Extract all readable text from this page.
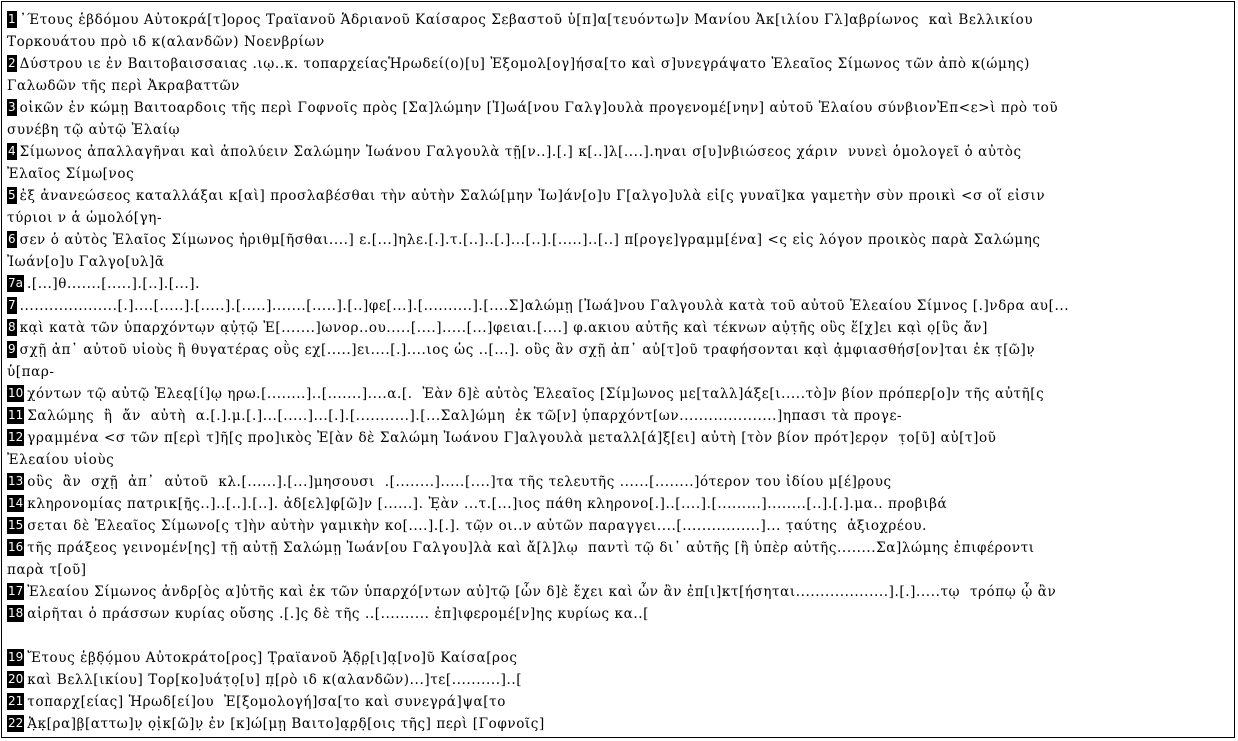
1 ᾽Έτους ἑβδόμου Αὐτοκρά[τ]ορος Τραϊανοῦ Ἁδριανοῦ Καίσαρος Σεβαστοῦ ὑ[π]α[τευόντω]ν Μανίου Ἀκ[ιλίου Γλ]αβρίωνος  καὶ Βελλικίου
Τορκουάτου πρὸ ιδ κ(αλανδῶν) Νοενβρίων
2 Δύστρου ιε ἐν Βαιτοβαισσαιας .ιῳ..κ. τοπαρχείαςἩρωδεί(ο)[υ] Ἐξομολ[ογ]ήσα[το καὶ σ]υνεγράψατο Ἐλεαῖος Σίμωνος τῶν ἀπὸ κ(ώμης)
Γαλωδῶν τῆς περὶ Ἀκραβαττῶν
3 οἰκῶν ἐν κώμῃ Βαιτοαρδοις τῆς περὶ Γοφνοῖς πρὸς [Σα]λώμην [Ἰ]ωά[νου Γαλγ]ουλὰ προγενομέ[νην] αὐτοῦ Ἐλαίου σύνβιονἘπ<ε>ὶ πρὸ τοῦ
συνέβη τῷ αὐτῷ Ἐλαίῳ
4 Σίμωνος ἀπαλλαγῆναι καὶ ἀπολύειν Σαλώμην Ἰωάνου Γαλγουλὰ τῇ[ν..].[.] κ[..]λ[....].ηναι σ[υ]νβιώσεος χάριν  νυνεὶ ὁμολογεῖ ὁ αὐτὸς
Ἐλαῖος Σίμω[νος
5 ἐξ ἀνανεώσεος καταλλάξαι κ[αὶ] προσλαβέσθαι τὴν αὐτὴν Σαλώ[μην Ἰω]άν[ο]υ Γ[αλγο]υλὰ εἰ[ς γυναῖ]κα γαμετὴν σὺν προικὶ <σ οἵ εἰσιν
τύριοι ν ἁ ὡμολό[γη-
6 σεν ὁ αὐτὸς Ἐλαῖος Σίμωνος ἠριθμ[ῆσθαι....] ε.[...]ηλε.[.].τ.[..]..[.]...[..].[.....]..[..] π[ρογε]γραμμ[ένα] <ς εἰς λόγον προικὸς παρὰ Σαλώμης
Ἰωάν[ο]υ Γαλγο[υλ]ᾶ
7a .[...]θ.......[.....].[..].[...].
7 ....................[.]....[.....].[.....].[.....].......[.....].[..]φε[...].[..........].[....Σ]αλώμῃ [Ἰωά]νου Γαλγουλὰ κατὰ τοῦ αὐτοῦ Ἐλεαίου Σίμνος [.]νδρα αυ[...
8 κα̣ὶ κατὰ τῶν ὑπαρχόντω̣ν α̣ὐ̣τ̣ῷ Ἐ[.......]ωνορ..ου.....[....].....[...]φειαι.[....] φ.ακιου αὐτῆς καὶ τέκνων αὐ̣τ̣ῆς οὓς ἕ[χ]ει κα̣ὶ ο̣[ὓς ἄν]
9 σχῇ ἀπ᾽ αὐτοῦ υἱοὺς ἢ θυγατέρας οῢς εχ[.....]ει....[.]....ιος ὡς ..[...]. οὓς ἂν σχῇ ἀπ᾽ αὐ[τ]οῦ τραφήσονται κα̣ὶ ἀ̣μφιασθήσ[ον]ται ἐκ τ̣[ῶ]ν̣
ὑ[παρ-
10 χόντων τῷ αὐτῷ Ἐλεα̣[ί]ῳ ηρω.[........]..[.......]....α.[.  Ἐὰν δ]ὲ αὐτὸς Ἐλεαῖος [Σίμ]ωνος με[ταλλ]άξε[ι.....τὸ]ν βίον πρόπερ[ο]ν τῆς αὐτῆ[ς
11 Σαλώμης  ἢ  ἄν  αὐτὴ  α.[.].μ.[.]...[.....]...[.].[...........].[...Σαλ]ώμη  ἐκ τῶ[ν] ὑ̣παρχόντ[ων....................]ηπασι τὰ προγε-
12 γραμμένα <σ τῶν π[ερὶ τ]ῆ[ς προ]ικὸς Ἐ[ὰν δὲ Σαλώμη Ἰωάνου Γ]αλγουλὰ μεταλλ[ά]ξ[ει] αὐτὴ [τὸν βίον πρότ]ερο̣ν  τ̣ο[ῦ] αὐ[τ]οῦ
Ἐλεαίου υἱοὺς
13 οὓς  ἂν  σχῇ  ἀπ᾽  αὐτοῦ  κλ.[......].[...]μησουσι  .[........].....[....]τα τῆς τελευτῆς ......[........]ότερον του ἰδίου μ[έ]ρ̣ους
14 κληρονομίας πατρικ[ῆ̣ς..]..[..].[..]. ἀδ[ελ]φ[ῶ]ν [......]. Ἐ̣ὰν ...τ.[...]ιος πάθη κληρονο[.]..[....].[.........]........[..].[.].μα.. προβιβά
15 σεται δὲ Ἐλεαῖος Σίμωνο[ς τ]ὴν αὐτὴν γαμικὴν κο[....].[.]. τῶ̣ν οι..ν αὐτῶν παραγγει....[................]... τ̣αύτης  ἀξιοχρέου.
16 τῆς πράξεος γεινομέν[ης] τῇ αὐτῇ Σαλώμῃ Ἰωάν[ου Γαλγου]λὰ καὶ ἄ[λ]λῳ  παντὶ τῷ δι᾽ αὐτῆς [ἢ ὑπὲρ αὐτῆς........Σα]λώμης ἐπιφέροντι
παρὰ τ[οῦ]
17 Ἐλεαίου Σίμωνος ἀνδρ[ὸς α]ὐτῆς καὶ ἐκ τῶν ὑπαρχό[ντων αὐ]τῷ [ὧν δ]ὲ ἔχει καὶ ὧν ἂν ἐπ[ι]κτ[ήσηται...................].[.].....τῳ  τρόπῳ ᾧ ἂν
18 αἱρῆται ὁ πράσσων κυρίας οὔσης .[.]ς δὲ τῆς ..[.......... ἐπ]ιφερομέ[ν]ης κυρίως κα..[
19 Ἔτους ἑβ̣δ̣ό̣μου Αὐτοκράτο[ρος] Τ̣ραϊανοῦ Ἁ̣δ̣ρ̣[ι]α̣[νο]ῦ Καίσα[ρος
20 καὶ Βελλ[ικίου] Τορ[κο]υάτ̣ο̣[υ] π̣[ρὸ ιδ κ(αλανδῶν)...]τε[..........]..[
21 τοπαρχ[είας] Ἡρωδ[εί]ου  Ἐ[ξομολογή]σα[το καὶ συνεγρά]ψα[το
22 Ἀ̣κ̣[ρα]β̣[αττω]ν̣ ο̣ἰ̣κ[ῶ]ν̣ ἐν [κ]ώ[μῃ Βαιτο]α̣ρ̣δ̣[οις τῆς] περὶ [Γοφνοῖς]
